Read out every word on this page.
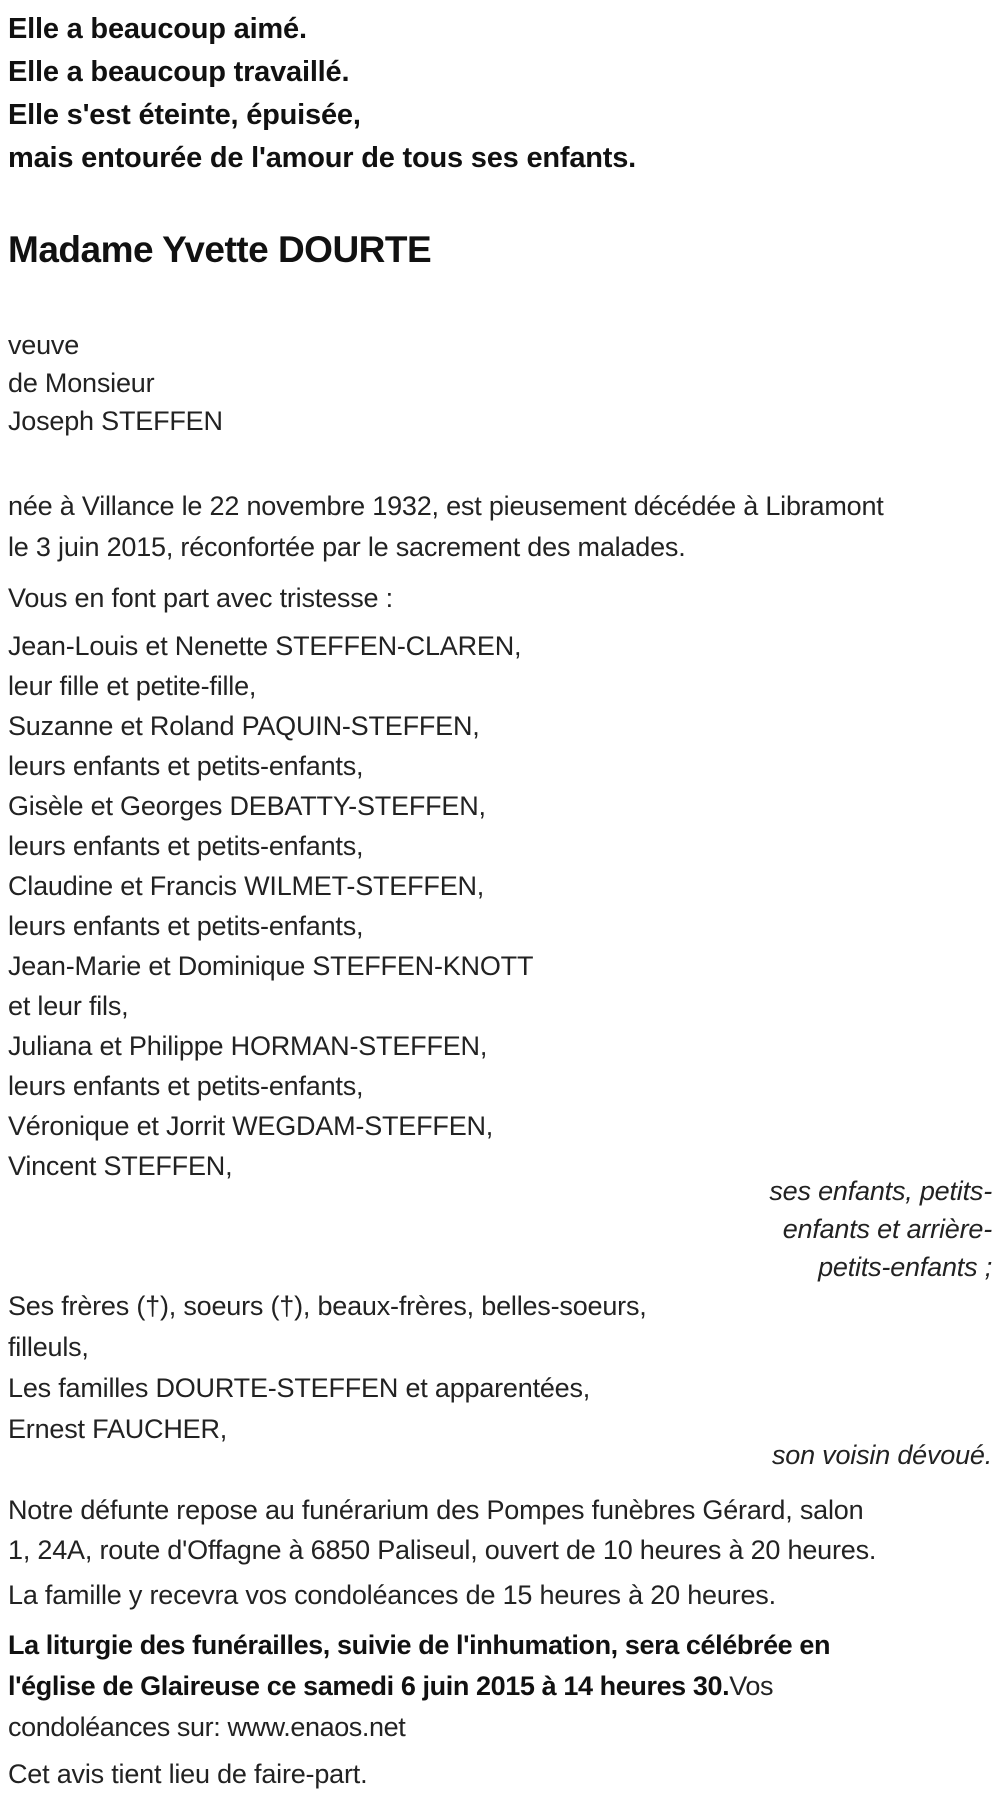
Elle a beaucoup aimé.
Elle a beaucoup travaillé.
Elle s'est éteinte, épuisée,
mais entourée de l'amour de tous ses enfants.
Madame Yvette DOURTE
veuve
de Monsieur
Joseph STEFFEN
née à Villance le 22 novembre 1932, est pieusement décédée à Libramont
le 3 juin 2015, réconfortée par le sacrement des malades.
Vous en font part avec tristesse :
Jean-Louis et Nenette STEFFEN-CLAREN,
leur fille et petite-fille,
Suzanne et Roland PAQUIN-STEFFEN,
leurs enfants et petits-enfants,
Gisèle et Georges DEBATTY-STEFFEN,
leurs enfants et petits-enfants,
Claudine et Francis WILMET-STEFFEN,
leurs enfants et petits-enfants,
Jean-Marie et Dominique STEFFEN-KNOTT
et leur fils,
Juliana et Philippe HORMAN-STEFFEN,
leurs enfants et petits-enfants,
Véronique et Jorrit WEGDAM-STEFFEN,
Vincent STEFFEN,
ses enfants, petits-
enfants et arrière-
petits-enfants ;
Ses frères (†), soeurs (†), beaux-frères, belles-soeurs,
filleuls,
Les familles DOURTE-STEFFEN et apparentées,
Ernest FAUCHER,
son voisin dévoué.
Notre défunte repose au funérarium des Pompes funèbres Gérard, salon
1, 24A, route d'Offagne à 6850 Paliseul, ouvert de 10 heures à 20 heures.
La famille y recevra vos condoléances de 15 heures à 20 heures.
La liturgie des funérailles, suivie de l'inhumation, sera célébrée en
l'église de Glaireuse ce samedi 6 juin 2015 à 14 heures 30.Vos
condoléances sur: www.enaos.net
Cet avis tient lieu de faire-part.
